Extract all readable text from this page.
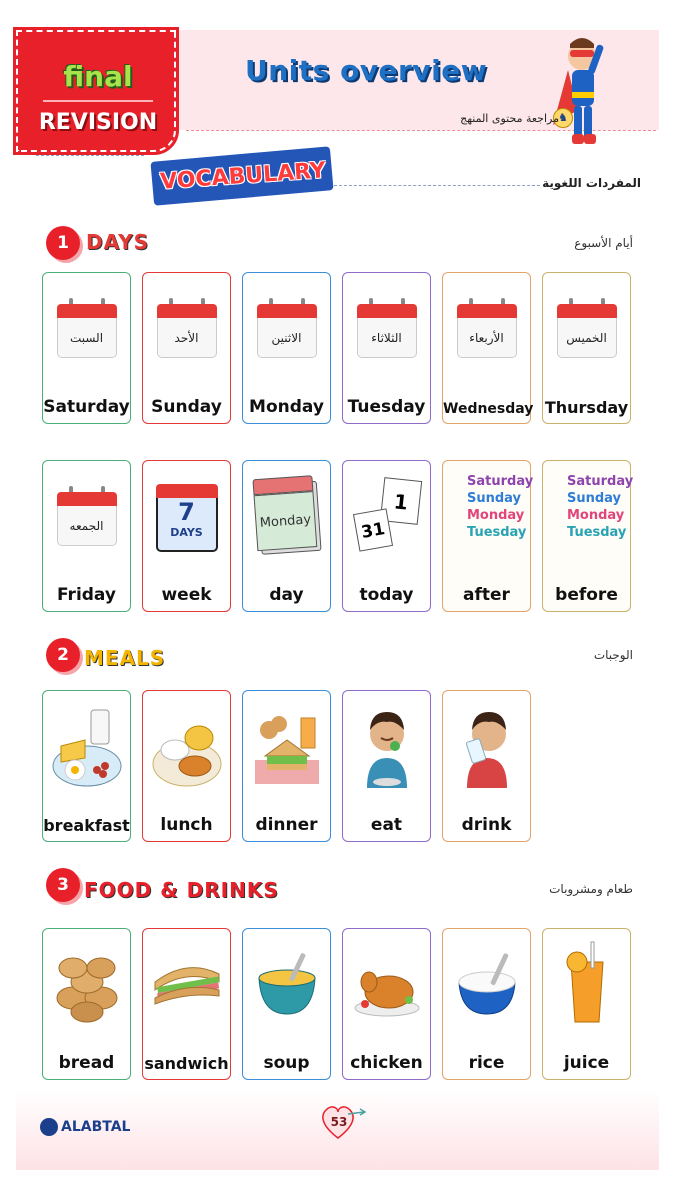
final
REVISION
Units overview
♞
مراجعة محتوى المنهج
VOCABULARY	المفردات اللغوية
1 DAYS	أيام الأسبوع
السبت
Saturday
الأحد
Sunday
الاثنين
Monday
الثلاثاء
Tuesday
الأربعاء
Wednesday
الخميس
Thursday
الجمعه
Friday
7
DAYS
week
Monday
day
1
31
today
Saturday
Sunday
Monday
Tuesday
after
Saturday
Sunday
Monday
Tuesday
before
2 MEALS	الوجبات
breakfast	lunch	dinner	eat	drink
3 FOOD & DRINKS	طعام ومشروبات
bread	sandwich	soup	chicken	rice	juice
ALABTAL	53
